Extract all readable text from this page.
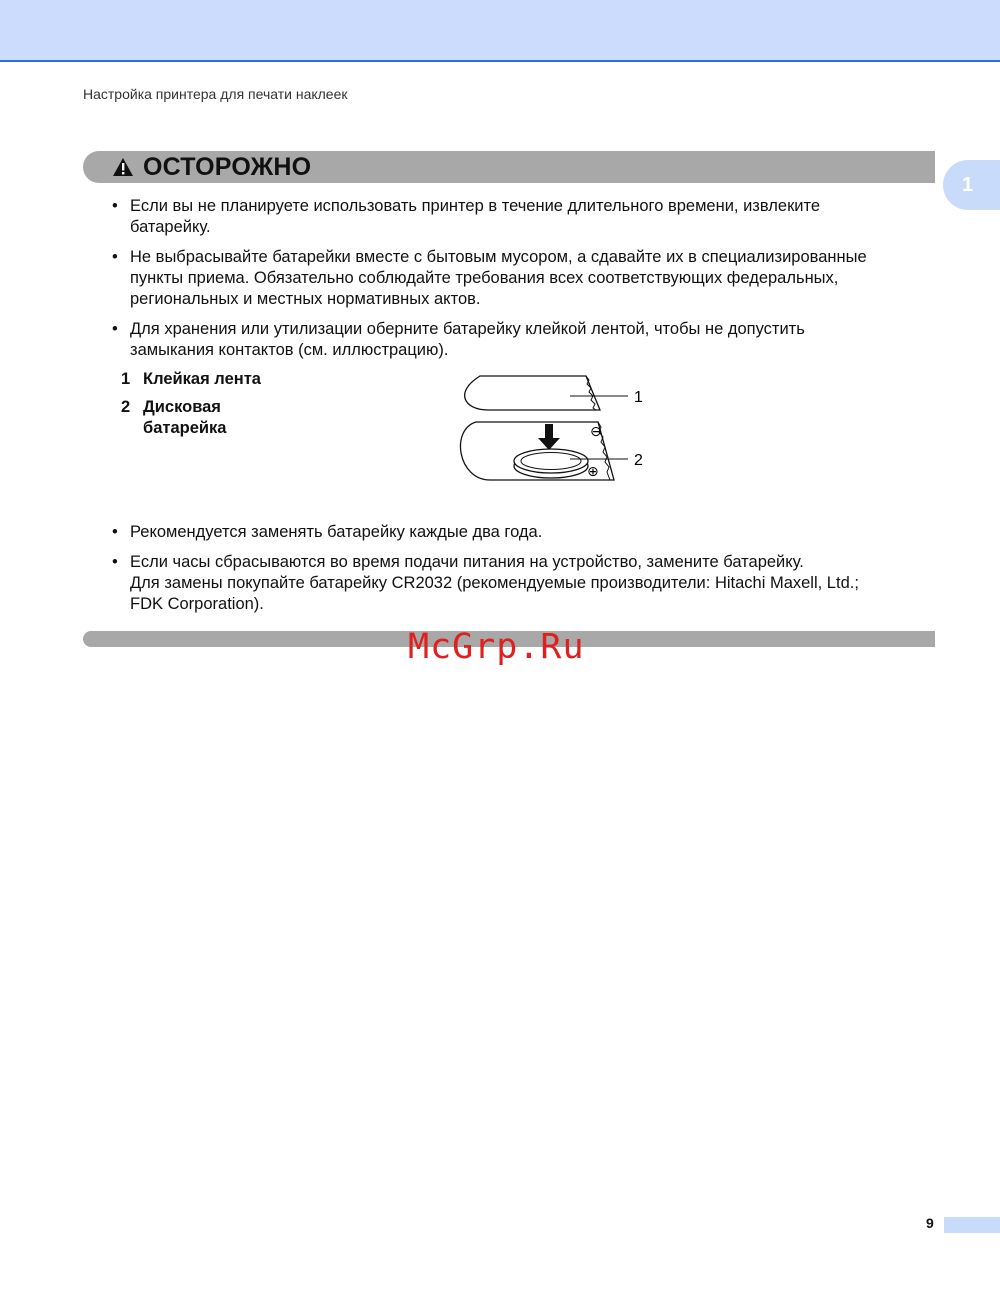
Настройка принтера для печати наклеек
1
ОСТОРОЖНО
• Если вы не планируете использовать принтер в течение длительного времени, извлеките
батарейку.
• Не выбрасывайте батарейки вместе с бытовым мусором, а сдавайте их в специализированные
пункты приема. Обязательно соблюдайте требования всех соответствующих федеральных,
региональных и местных нормативных актов.
• Для хранения или утилизации оберните батарейку клейкой лентой, чтобы не допустить
замыкания контактов (см. иллюстрацию).
1 Клейкая лента
2 Дисковая
батарейка	⊖
⊕
1
2
• Рекомендуется заменять батарейку каждые два года.
• Если часы сбрасываются во время подачи питания на устройство, замените батарейку.
Для замены покупайте батарейку CR2032 (рекомендуемые производители: Hitachi Maxell, Ltd.;
FDK Corporation).
McGrp.Ru
9
